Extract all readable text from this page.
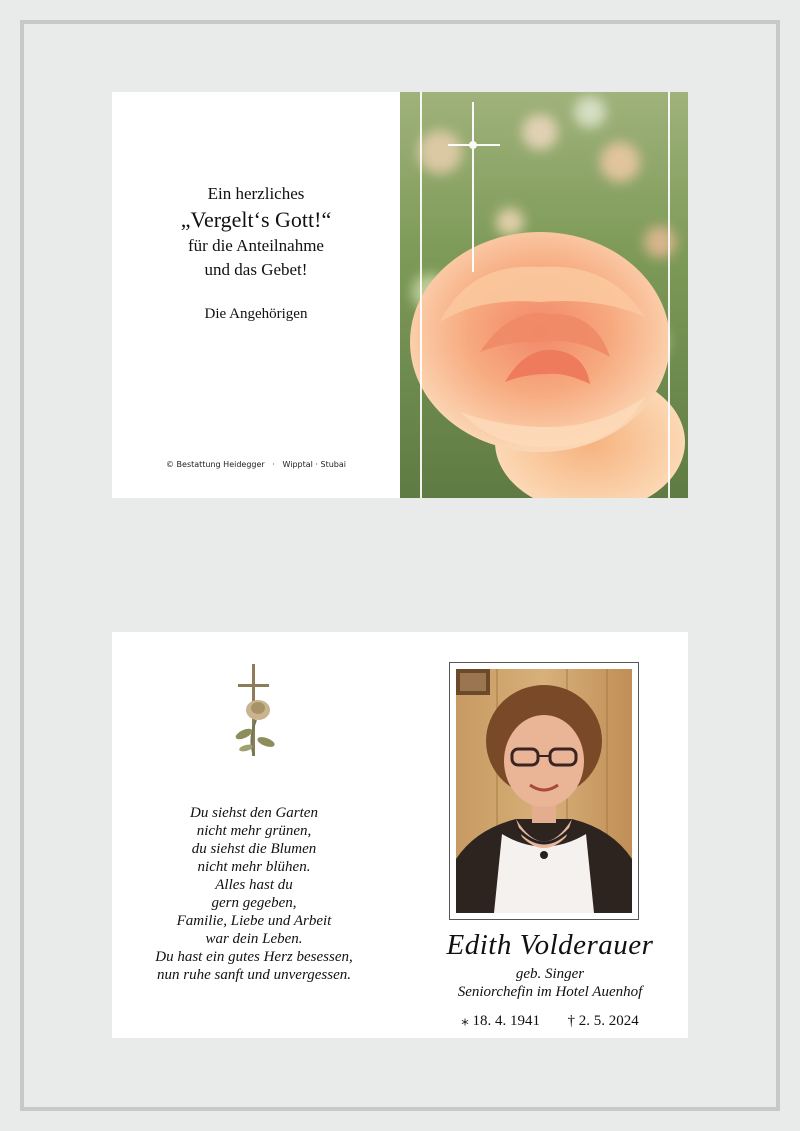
Ein herzliches
„Vergelt‘s Gott!“
für die Anteilnahme
und das Gebet!
Die Angehörigen
© Bestattung Heidegger   ·   Wipptal · Stubai
Du siehst den Garten
nicht mehr grünen,
du siehst die Blumen
nicht mehr blühen.
Alles hast du
gern gegeben,
Familie, Liebe und Arbeit
war dein Leben.
Du hast ein gutes Herz besessen,
nun ruhe sanft und unvergessen.
Edith Volderauer
geb. Singer
Seniorchefin im Hotel Auenhof
⁎ 18. 4. 1941 † 2. 5. 2024
